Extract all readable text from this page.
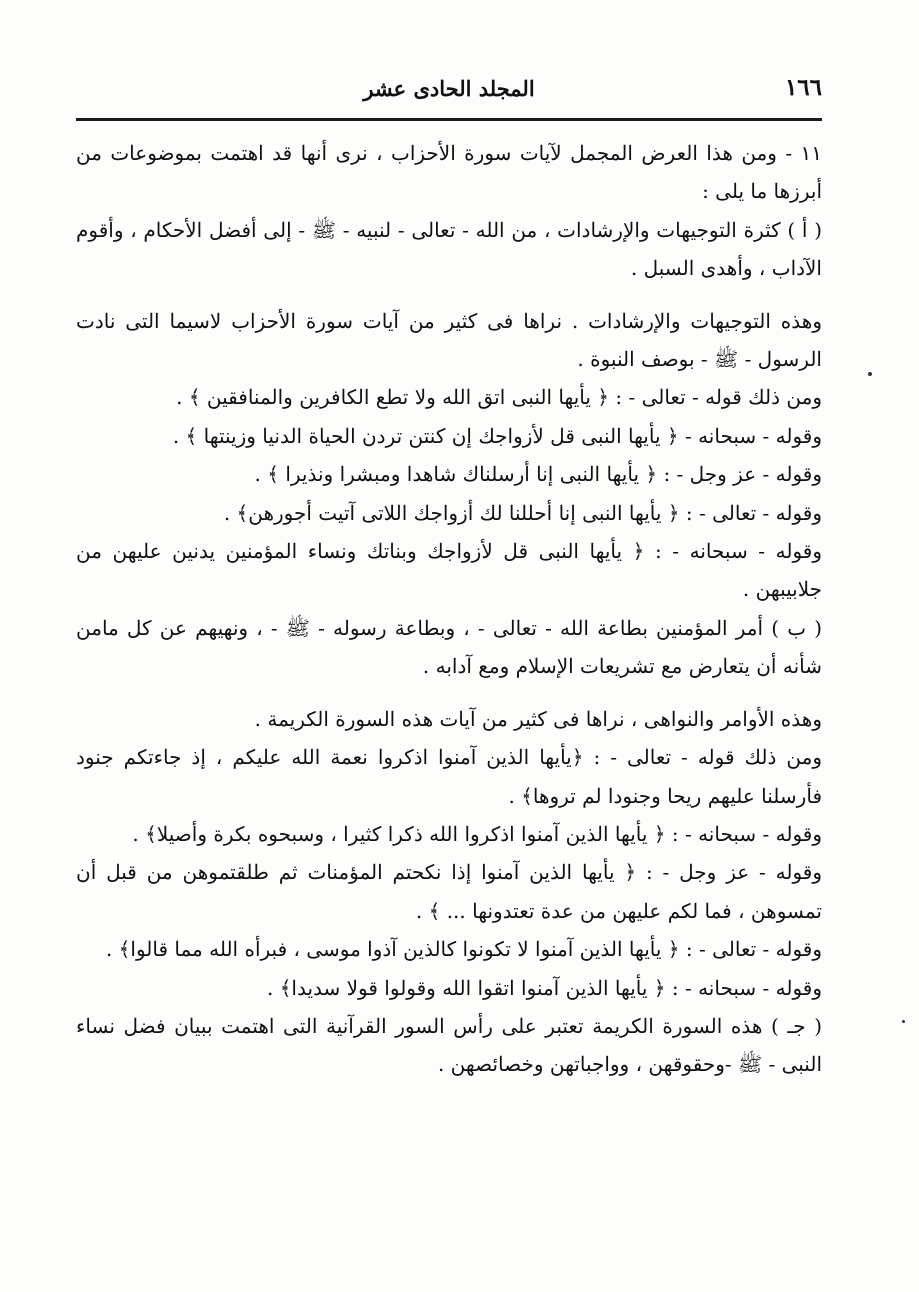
١٦٦
المجلد الحادى عشر

١١ - ومن هذا العرض المجمل لآيات سورة الأحزاب ، نرى أنها قد اهتمت بموضوعات من أبرزها ما يلى :

( أ ) كثرة التوجيهات والإرشادات ، من الله - تعالى - لنبيه - ﷺ - إلى أفضل الأحكام ، وأقوم الآداب ، وأهدى السبل .

وهذه التوجيهات والإرشادات . نراها فى كثير من آيات سورة الأحزاب لاسيما التى نادت الرسول - ﷺ - بوصف النبوة .

ومن ذلك قوله - تعالى - : ﴿ يأيها النبى اتق الله ولا تطع الكافرين والمنافقين ﴾ .

وقوله - سبحانه - ﴿ يأيها النبى قل لأزواجك إن كنتن تردن الحياة الدنيا وزينتها ﴾ .

وقوله - عز وجل - : ﴿ يأيها النبى إنا أرسلناك شاهدا ومبشرا ونذيرا ﴾ .

وقوله - تعالى - : ﴿ يأيها النبى إنا أحللنا لك أزواجك اللاتى آتيت أجورهن﴾ .

وقوله - سبحانه - : ﴿ يأيها النبى قل لأزواجك وبناتك ونساء المؤمنين يدنين عليهن من جلابيبهن .

( ب ) أمر المؤمنين بطاعة الله - تعالى - ، وبطاعة رسوله - ﷺ - ، ونهيهم عن كل مامن شأنه أن يتعارض مع تشريعات الإسلام ومع آدابه .

وهذه الأوامر والنواهى ، نراها فى كثير من آيات هذه السورة الكريمة .

ومن ذلك قوله - تعالى - : ﴿يأيها الذين آمنوا اذكروا نعمة الله عليكم ، إذ جاءتكم جنود فأرسلنا عليهم ريحا وجنودا لم تروها﴾ .

وقوله - سبحانه - : ﴿ يأيها الذين آمنوا اذكروا الله ذكرا كثيرا ، وسبحوه بكرة وأصيلا﴾ .

وقوله - عز وجل - : ﴿ يأيها الذين آمنوا إذا نكحتم المؤمنات ثم طلقتموهن من قبل أن تمسوهن ، فما لكم عليهن من عدة تعتدونها ... ﴾ .

وقوله - تعالى - : ﴿ يأيها الذين آمنوا لا تكونوا كالذين آذوا موسى ، فبرأه الله مما قالوا﴾ .

وقوله - سبحانه - : ﴿ يأيها الذين آمنوا اتقوا الله وقولوا قولا سديدا﴾ .

( جـ ) هذه السورة الكريمة تعتبر على رأس السور القرآنية التى اهتمت ببيان فضل نساء النبى - ﷺ -وحقوقهن ، وواجباتهن وخصائصهن .
